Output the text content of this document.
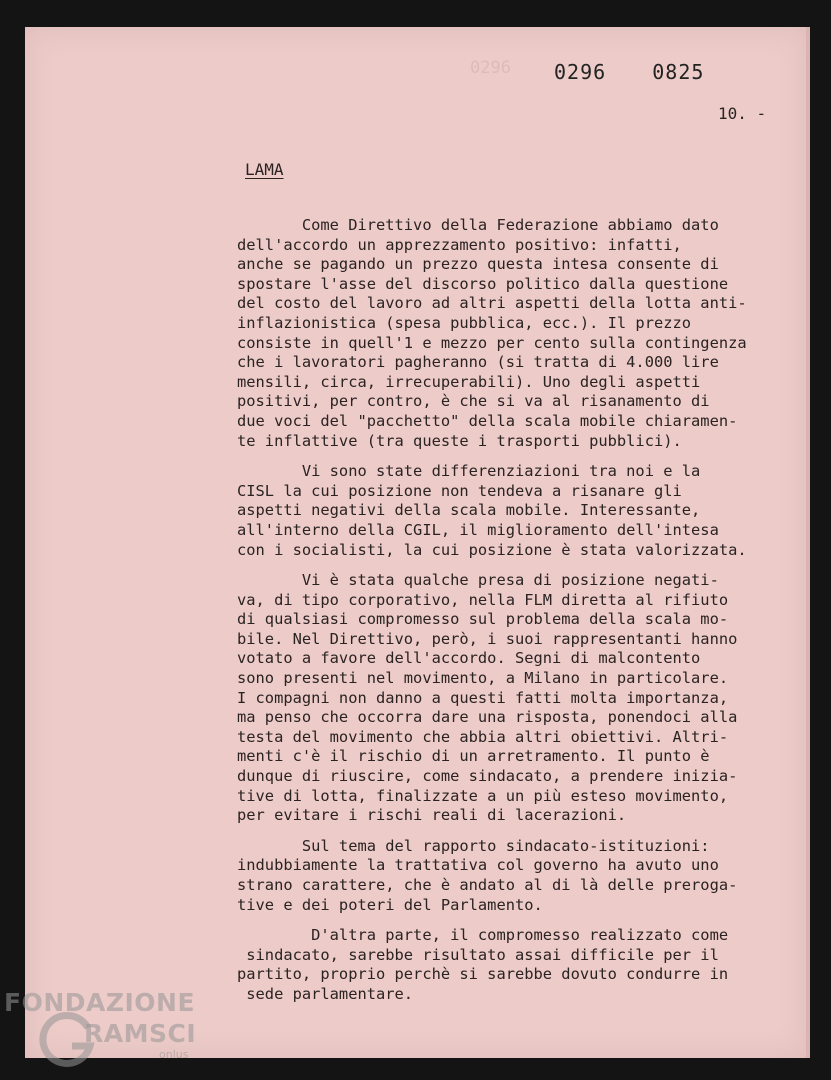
0296 0296  0825
10. -
LAMA
Come Direttivo della Federazione abbiamo dato
dell'accordo un apprezzamento positivo: infatti,
anche se pagando un prezzo questa intesa consente di
spostare l'asse del discorso politico dalla questione
del costo del lavoro ad altri aspetti della lotta anti-
inflazionistica (spesa pubblica, ecc.). Il prezzo
consiste in quell'1 e mezzo per cento sulla contingenza
che i lavoratori pagheranno (si tratta di 4.000 lire
mensili, circa, irrecuperabili). Uno degli aspetti
positivi, per contro, è che si va al risanamento di
due voci del "pacchetto" della scala mobile chiaramen-
te inflattive (tra queste i trasporti pubblici).
Vi sono state differenziazioni tra noi e la
CISL la cui posizione non tendeva a risanare gli
aspetti negativi della scala mobile. Interessante,
all'interno della CGIL, il miglioramento dell'intesa
con i socialisti, la cui posizione è stata valorizzata.
Vi è stata qualche presa di posizione negati-
va, di tipo corporativo, nella FLM diretta al rifiuto
di qualsiasi compromesso sul problema della scala mo-
bile. Nel Direttivo, però, i suoi rappresentanti hanno
votato a favore dell'accordo. Segni di malcontento
sono presenti nel movimento, a Milano in particolare.
I compagni non danno a questi fatti molta importanza,
ma penso che occorra dare una risposta, ponendoci alla
testa del movimento che abbia altri obiettivi. Altri-
menti c'è il rischio di un arretramento. Il punto è
dunque di riuscire, come sindacato, a prendere inizia-
tive di lotta, finalizzate a un più esteso movimento,
per evitare i rischi reali di lacerazioni.
Sul tema del rapporto sindacato-istituzioni:
indubbiamente la trattativa col governo ha avuto uno
strano carattere, che è andato al di là delle preroga-
tive e dei poteri del Parlamento.
D'altra parte, il compromesso realizzato come
sindacato, sarebbe risultato assai difficile per il
partito, proprio perchè si sarebbe dovuto condurre in
sede parlamentare.
FONDAZIONE
RAMSCI
onlus
